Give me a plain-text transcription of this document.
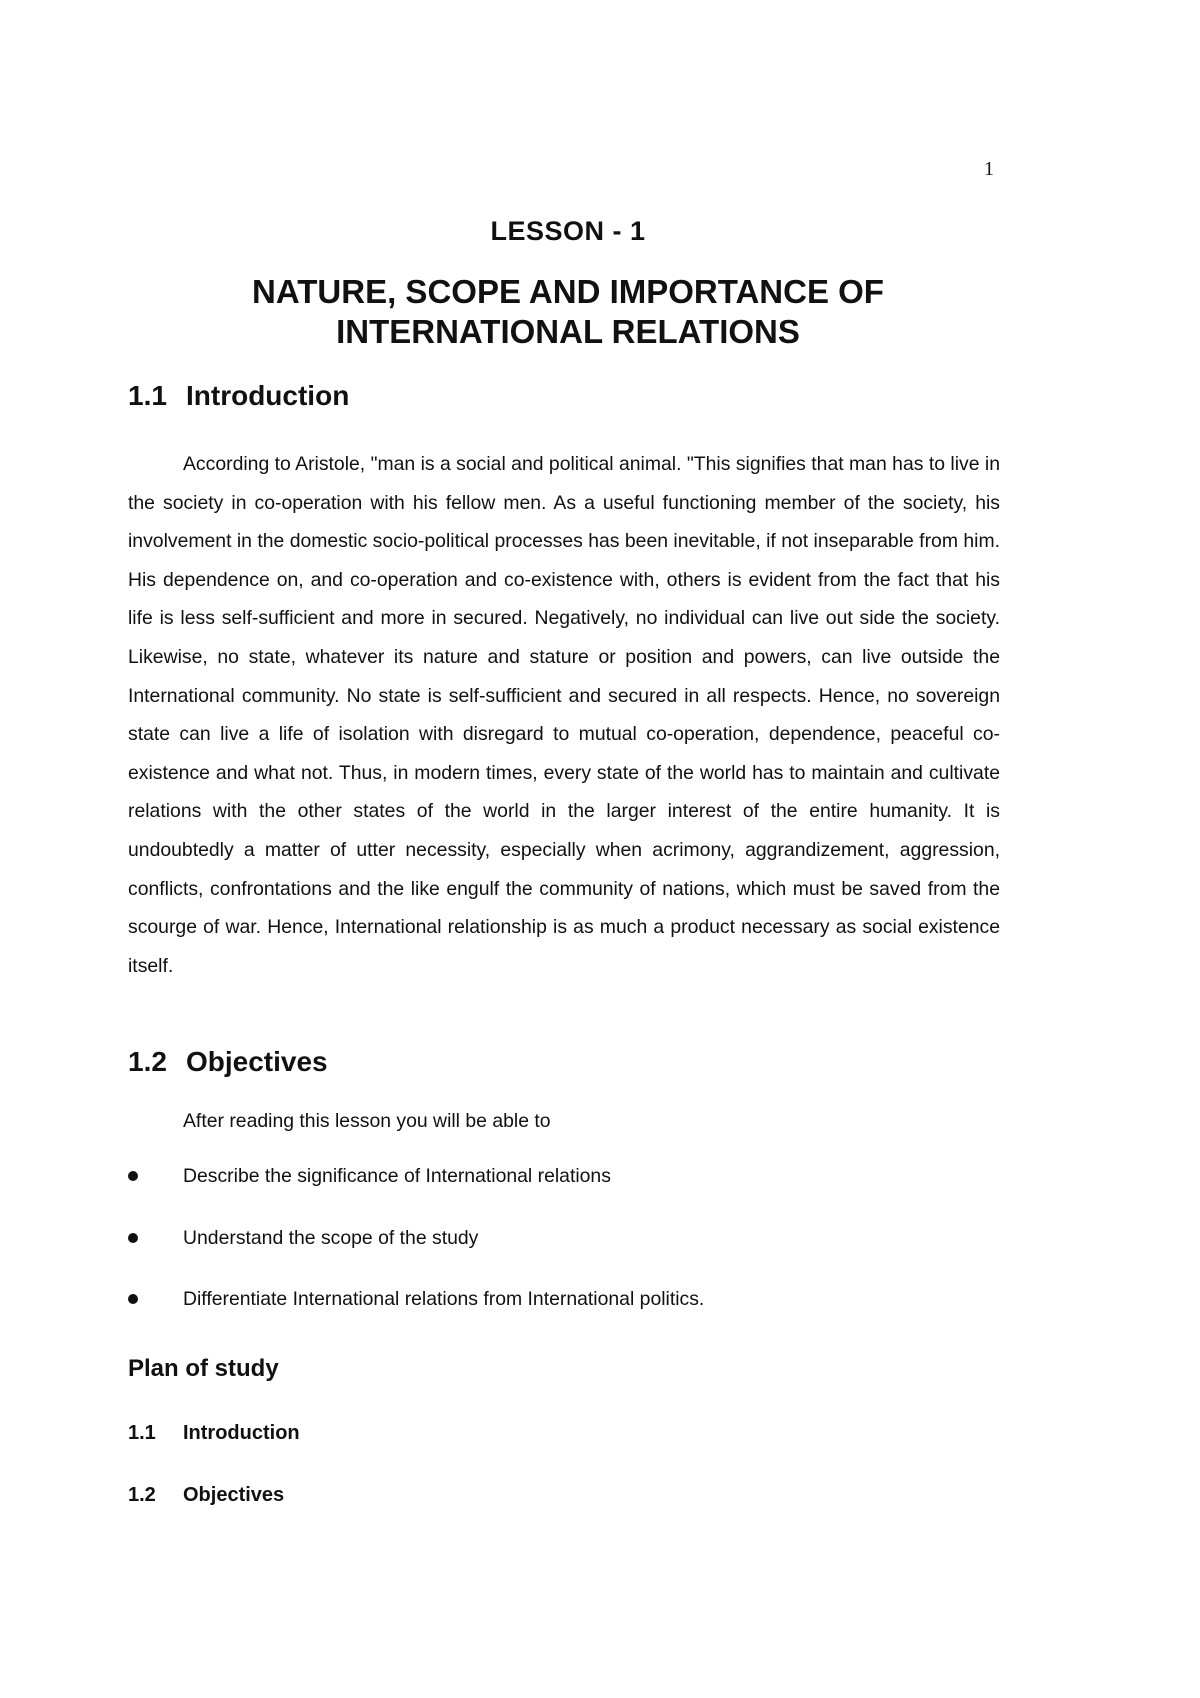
1
LESSON - 1
NATURE, SCOPE AND IMPORTANCE OF
INTERNATIONAL RELATIONS
1.1 Introduction

According to Aristole, "man is a social and political animal. "This signifies that man has to live in the society in co-operation with his fellow men. As a useful functioning member of the society, his involvement in the domestic socio-political processes has been inevitable, if not inseparable from him. His dependence on, and co-operation and co-existence with, others is evident from the fact that his life is less self-sufficient and more in secured. Negatively, no individual can live out side the society. Likewise, no state, whatever its nature and stature or position and powers, can live outside the International community. No state is self-sufficient and secured in all respects. Hence, no sovereign state can live a life of isolation with disregard to mutual co-operation, dependence, peaceful co-existence and what not. Thus, in modern times, every state of the world has to maintain and cultivate relations with the other states of the world in the larger interest of the entire humanity. It is undoubtedly a matter of utter necessity, especially when acrimony, aggrandizement, aggression, conflicts, confrontations and the like engulf the community of nations, which must be saved from the scourge of war. Hence, International relationship is as much a product necessary as social existence itself.

1.2 Objectives
After reading this lesson you will be able to
Describe the significance of International relations
Understand the scope of the study
Differentiate International relations from International politics.
Plan of study
1.1 Introduction
1.2 Objectives
